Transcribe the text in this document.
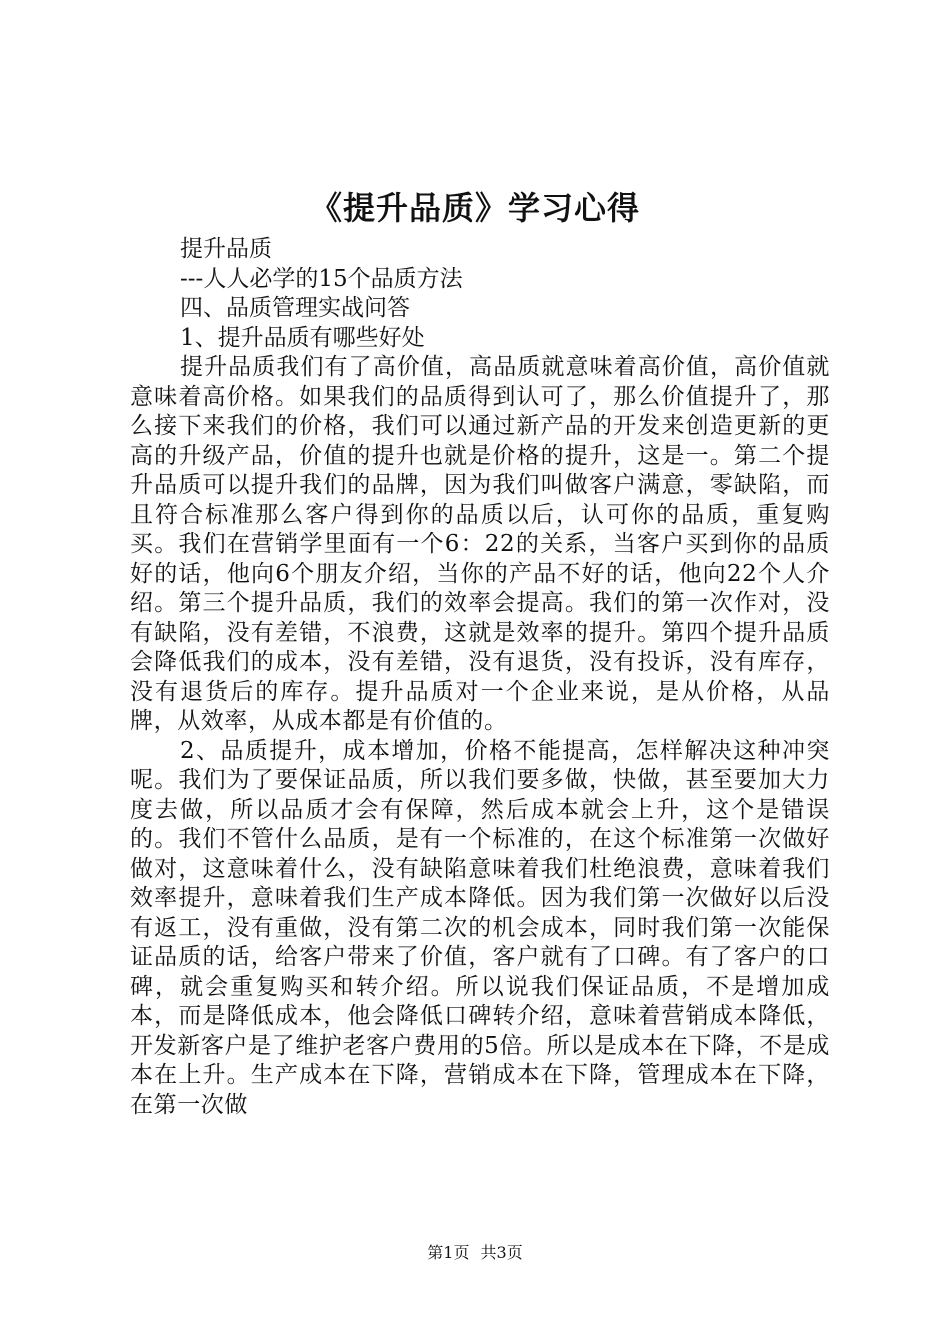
《提升品质》学习心得
提升品质
---人人必学的15个品质方法
四、品质管理实战问答
1、提升品质有哪些好处

提升品质我们有了高价值，高品质就意味着高价值，高价值就意味着高价格。如果我们的品质得到认可了，那么价值提升了，那么接下来我们的价格，我们可以通过新产品的开发来创造更新的更高的升级产品，价值的提升也就是价格的提升，这是一。第二个提升品质可以提升我们的品牌，因为我们叫做客户满意，零缺陷，而且符合标准那么客户得到你的品质以后，认可你的品质，重复购买。我们在营销学里面有一个6：22的关系，当客户买到你的品质好的话，他向6个朋友介绍，当你的产品不好的话，他向22个人介绍。第三个提升品质，我们的效率会提高。我们的第一次作对，没有缺陷，没有差错，不浪费，这就是效率的提升。第四个提升品质会降低我们的成本，没有差错，没有退货，没有投诉，没有库存，没有退货后的库存。提升品质对一个企业来说，是从价格，从品牌，从效率，从成本都是有价值的。

2、品质提升，成本增加，价格不能提高，怎样解决这种冲突呢。我们为了要保证品质，所以我们要多做，快做，甚至要加大力度去做，所以品质才会有保障，然后成本就会上升，这个是错误的。我们不管什么品质，是有一个标准的，在这个标准第一次做好做对，这意味着什么，没有缺陷意味着我们杜绝浪费，意味着我们效率提升，意味着我们生产成本降低。因为我们第一次做好以后没有返工，没有重做，没有第二次的机会成本，同时我们第一次能保证品质的话，给客户带来了价值，客户就有了口碑。有了客户的口碑，就会重复购买和转介绍。所以说我们保证品质，不是增加成本，而是降低成本，他会降低口碑转介绍，意味着营销成本降低，开发新客户是了维护老客户费用的5倍。所以是成本在下降，不是成本在上升。生产成本在下降，营销成本在下降，管理成本在下降，在第一次做

第1页 共3页
